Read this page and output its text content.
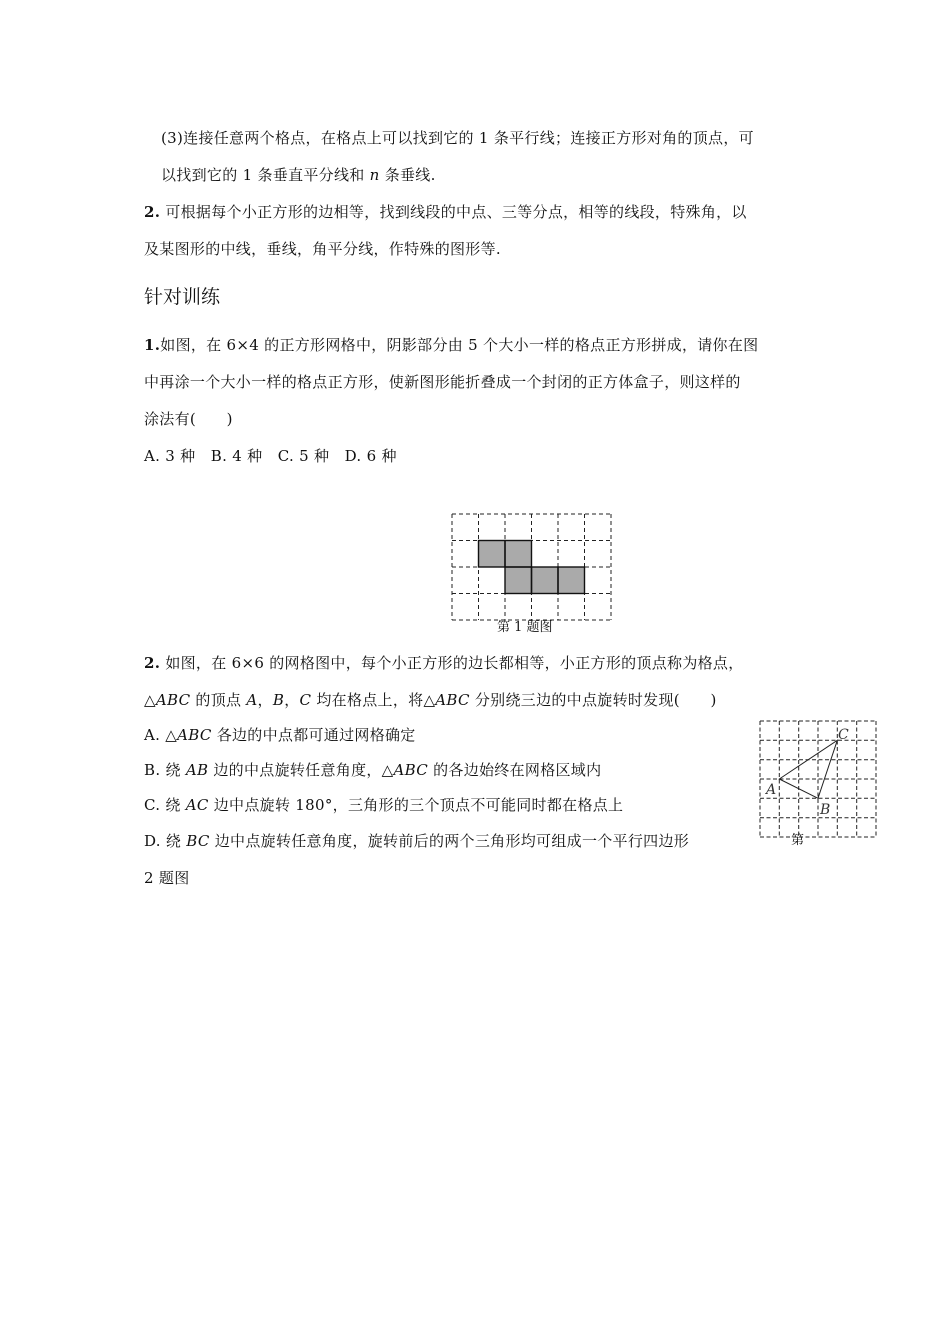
(3)连接任意两个格点，在格点上可以找到它的 1 条平行线；连接正方形对角的顶点，可
以找到它的 1 条垂直平分线和 n 条垂线.
2. 可根据每个小正方形的边相等，找到线段的中点、三等分点，相等的线段，特殊角，以
及某图形的中线，垂线，角平分线，作特殊的图形等.
针对训练
1.如图，在 6×4 的正方形网格中，阴影部分由 5 个大小一样的格点正方形拼成，请你在图
中再涂一个大小一样的格点正方形，使新图形能折叠成一个封闭的正方体盒子，则这样的
涂法有(　　)
A. 3 种　B. 4 种　C. 5 种　D. 6 种
第 1 题图
2. 如图，在 6×6 的网格图中，每个小正方形的边长都相等，小正方形的顶点称为格点，
△ABC 的顶点 A，B，C 均在格点上，将△ABC 分别绕三边的中点旋转时发现(　　)
A. △ABC 各边的中点都可通过网格确定
B. 绕 AB 边的中点旋转任意角度，△ABC 的各边始终在网格区域内
C. 绕 AC 边中点旋转 180°，三角形的三个顶点不可能同时都在格点上
D. 绕 BC 边中点旋转任意角度，旋转前后的两个三角形均可组成一个平行四边形
2 题图
A
B
C
第
